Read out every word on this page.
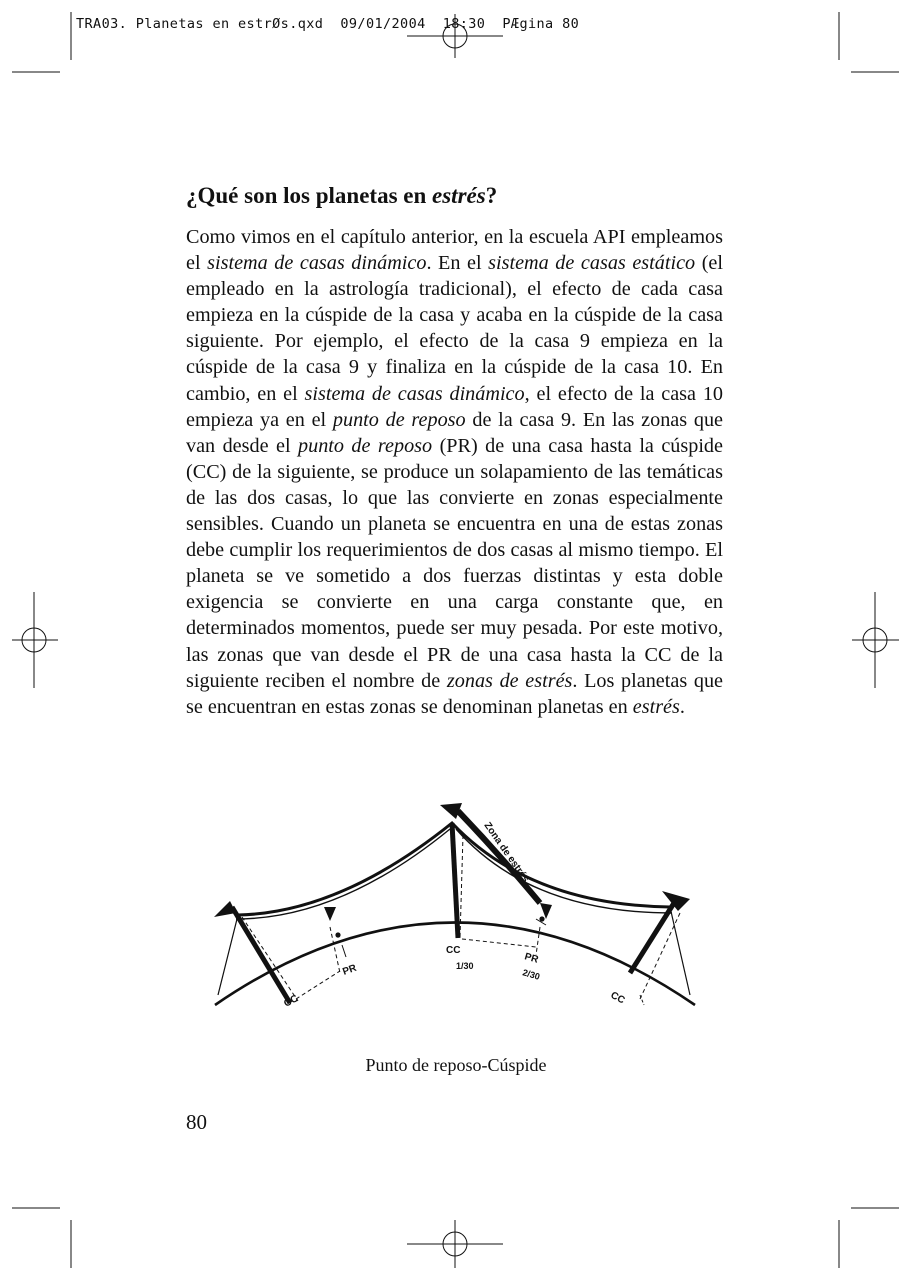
TRA03. Planetas en estrØs.qxd  09/01/2004  18:30  PÆgina 80
¿Qué son los planetas en estrés?

Como vimos en el capítulo anterior, en la escuela API empleamos el sistema de casas dinámico. En el sistema de casas estático (el empleado en la astrología tradicional), el efecto de cada casa empieza en la cúspide de la casa y acaba en la cúspide de la casa siguiente. Por ejemplo, el efecto de la casa 9 empieza en la cúspide de la casa 9 y finaliza en la cúspide de la casa 10. En cambio, en el sistema de casas dinámico, el efecto de la casa 10 empieza ya en el punto de reposo de la casa 9. En las zonas que van desde el punto de reposo (PR) de una casa hasta la cúspide (CC) de la siguiente, se produce un solapamiento de las temáticas de las dos casas, lo que las convierte en zonas especialmente sensibles. Cuando un planeta se encuentra en una de estas zonas debe cumplir los requerimientos de dos casas al mismo tiempo. El planeta se ve sometido a dos fuerzas distintas y esta doble exigencia se convierte en una carga constante que, en determinados momentos, puede ser muy pesada. Por este motivo, las zonas que van desde el PR de una casa hasta la CC de la siguiente reciben el nombre de zonas de estrés. Los planetas que se encuentran en estas zonas se denominan planetas en estrés.

Zona de estrés
CC
PR
CC
1/30
PR
2/30
CC
Punto de reposo-Cúspide
80
